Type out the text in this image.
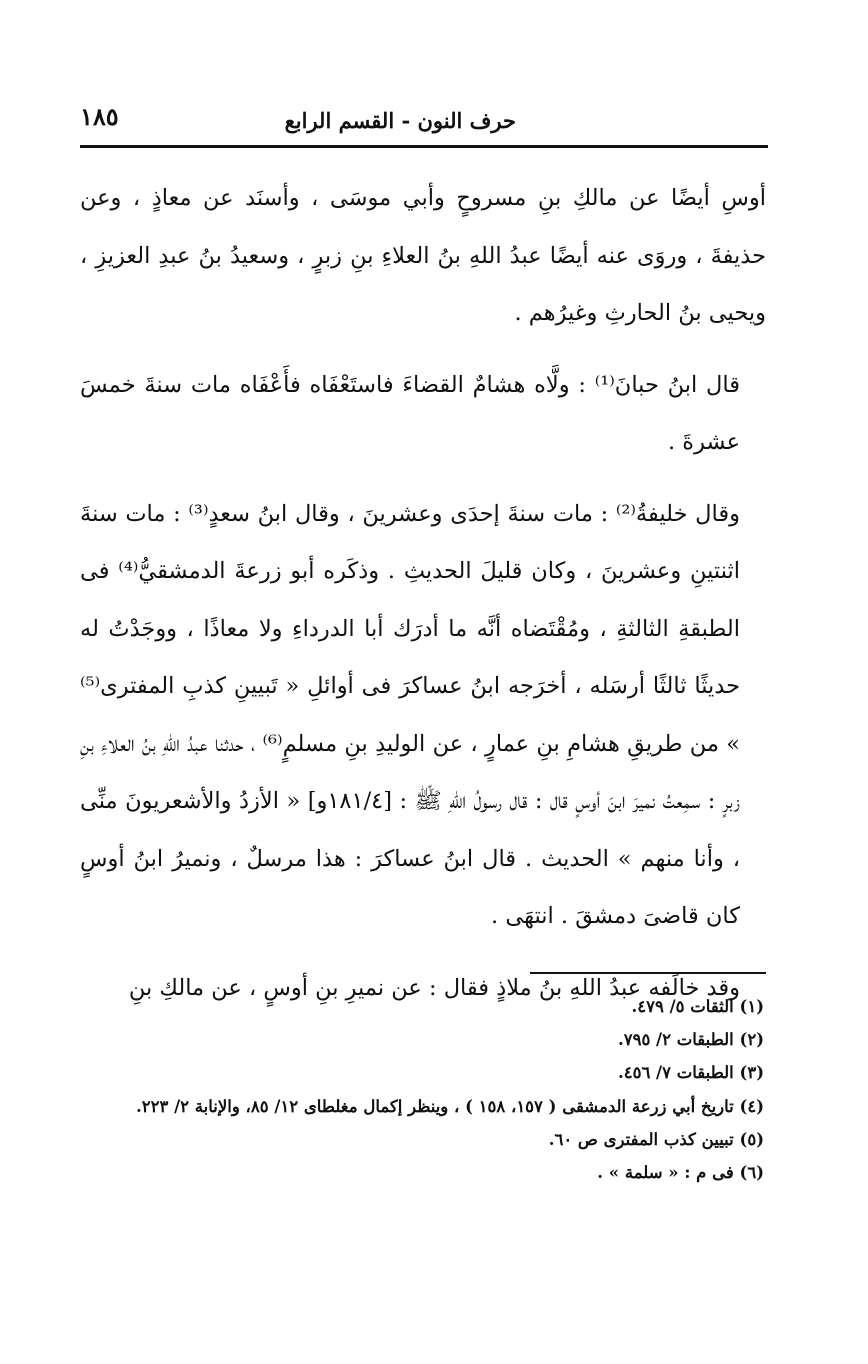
حرف النون - القسم الرابع
١٨٥

أوسِ أيضًا عن مالكِ بنِ مسروحٍ وأبي موسَى ، وأسنَد عن معاذٍ ، وعن حذيفةَ ، وروَى عنه أيضًا عبدُ اللهِ بنُ العلاءِ بنِ زبرٍ ، وسعيدُ بنُ عبدِ العزيزِ ، ويحيى بنُ الحارثِ وغيرُهم .

قال ابنُ حبانَ⁽¹⁾ : ولَّاه هشامٌ القضاءَ فاستَعْفَاه فأَعْفَاه مات سنةَ خمسَ عشرةَ .

وقال خليفةُ⁽²⁾ : مات سنةَ إحدَى وعشرينَ ، وقال ابنُ سعدٍ⁽³⁾ : مات سنةَ اثنتينِ وعشرينَ ، وكان قليلَ الحديثِ . وذكَره أبو زرعةَ الدمشقيُّ⁽⁴⁾ فى الطبقةِ الثالثةِ ، ومُقْتَضاه أنَّه ما أدرَك أبا الدرداءِ ولا معاذًا ، ووجَدْتُ له حديثًا ثالثًا أرسَله ، أخرَجه ابنُ عساكرَ فى أوائلِ « تَبيينِ كذبِ المفترى⁽⁵⁾ » من طريقِ هشامِ بنِ عمارٍ ، عن الوليدِ بنِ مسلمٍ⁽⁶⁾ ، حدثنا عبدُ اللهِ بنُ العلاءِ بنِ زبرٍ : سمِعتُ نميرَ ابنَ أوسٍ قال : قال رسولُ اللهِ ﷺ : [١٨١/٤و] « الأزدُ والأشعريونَ منِّى ، وأنا منهم » الحديث . قال ابنُ عساكرَ : هذا مرسلٌ ، ونميرُ ابنُ أوسٍ كان قاضىَ دمشقَ . انتهَى .

وقد خالَفه عبدُ اللهِ بنُ ملاذٍ فقال : عن نميرِ بنِ أوسٍ ، عن مالكِ بنِ

(١) الثقات ٥/ ٤٧٩.

(٢) الطبقات ٢/ ٧٩٥.

(٣) الطبقات ٧/ ٤٥٦.

(٤) تاريخ أبي زرعة الدمشقى ( ١٥٧، ١٥٨ ) ، وينظر إكمال مغلطاى ١٢/ ٨٥، والإنابة ٢/ ٢٢٣.

(٥) تبيين كذب المفترى ص ٦٠.

(٦) فى م : « سلمة » .
